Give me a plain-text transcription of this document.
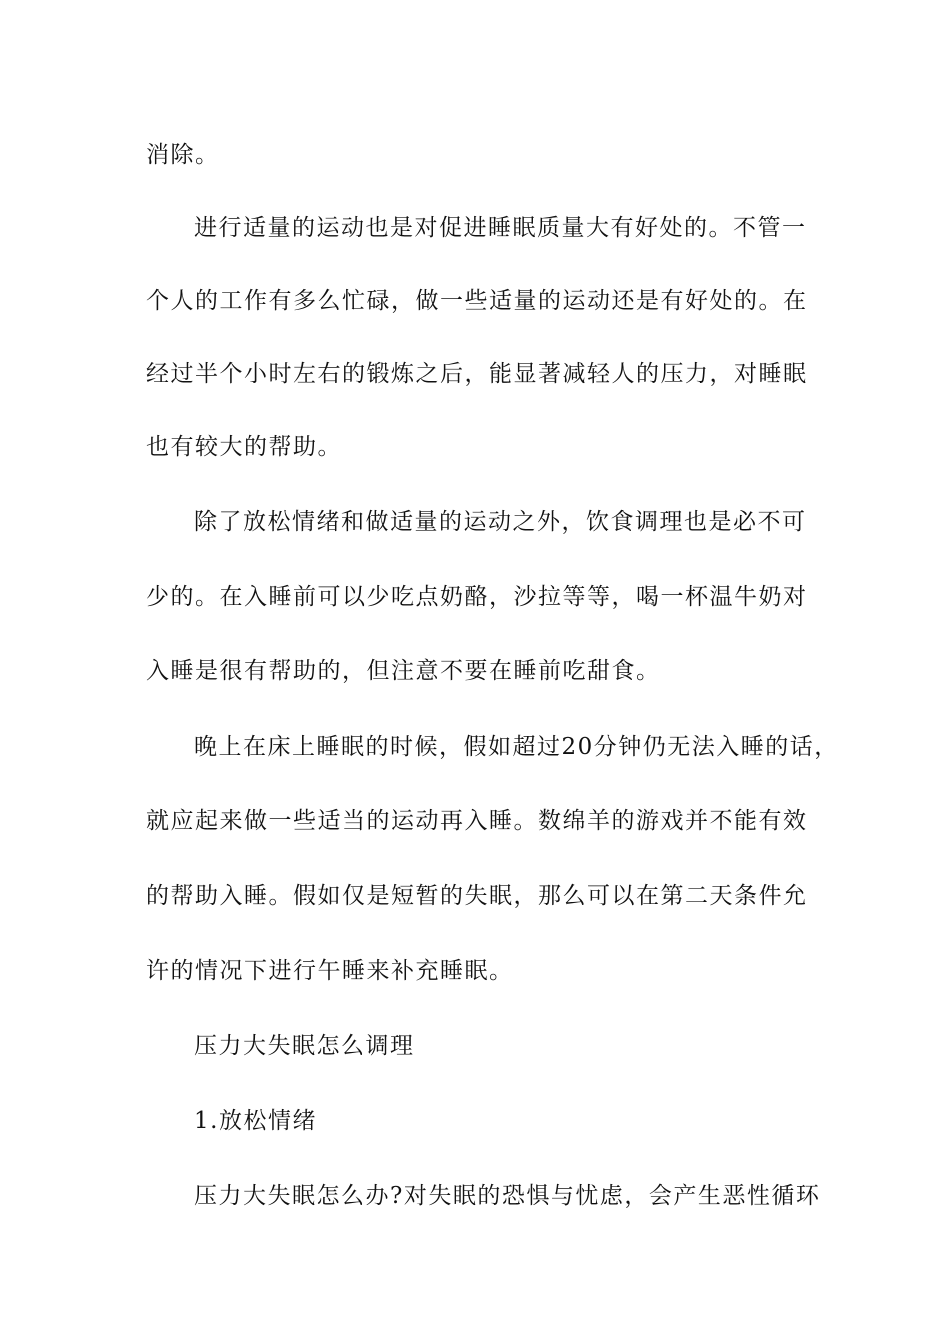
消除。
进行适量的运动也是对促进睡眠质量大有好处的。不管一
个人的工作有多么忙碌，做一些适量的运动还是有好处的。在
经过半个小时左右的锻炼之后，能显著减轻人的压力，对睡眠
也有较大的帮助。
除了放松情绪和做适量的运动之外，饮食调理也是必不可
少的。在入睡前可以少吃点奶酪，沙拉等等，喝一杯温牛奶对
入睡是很有帮助的，但注意不要在睡前吃甜食。
晚上在床上睡眠的时候，假如超过20分钟仍无法入睡的话，
就应起来做一些适当的运动再入睡。数绵羊的游戏并不能有效
的帮助入睡。假如仅是短暂的失眠，那么可以在第二天条件允
许的情况下进行午睡来补充睡眠。
压力大失眠怎么调理
1.放松情绪
压力大失眠怎么办?对失眠的恐惧与忧虑，会产生恶性循环
